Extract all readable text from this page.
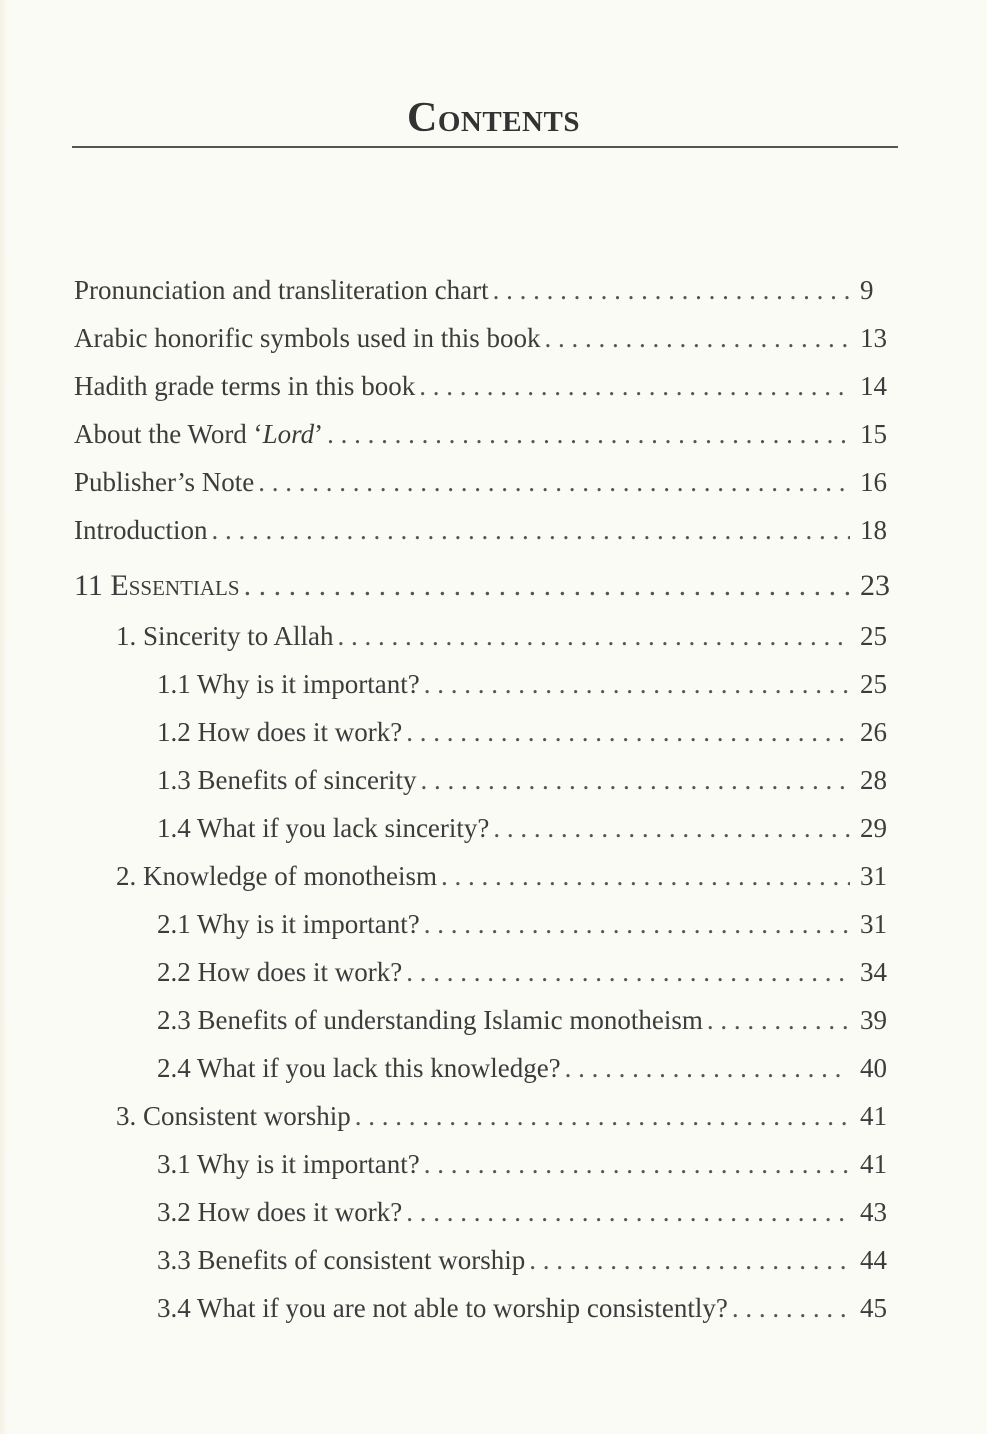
Contents
Pronunciation and transliteration chart . . .	9
Arabic honorific symbols used in this book . . .	13
Hadith grade terms in this book . . .	14
About the Word ‘Lord’ . . .	15
Publisher’s Note . . .	16
Introduction . . .	18
11 Essentials . . .	23
1. Sincerity to Allah . . .	25
1.1 Why is it important? . . .	25
1.2 How does it work? . . .	26
1.3 Benefits of sincerity . . .	28
1.4 What if you lack sincerity? . . .	29
2. Knowledge of monotheism . . .	31
2.1 Why is it important? . . .	31
2.2 How does it work? . . .	34
2.3 Benefits of understanding Islamic monotheism . . .	39
2.4 What if you lack this knowledge? . . .	40
3. Consistent worship . . .	41
3.1 Why is it important? . . .	41
3.2 How does it work? . . .	43
3.3 Benefits of consistent worship . . .	44
3.4 What if you are not able to worship consistently? . . .	45
